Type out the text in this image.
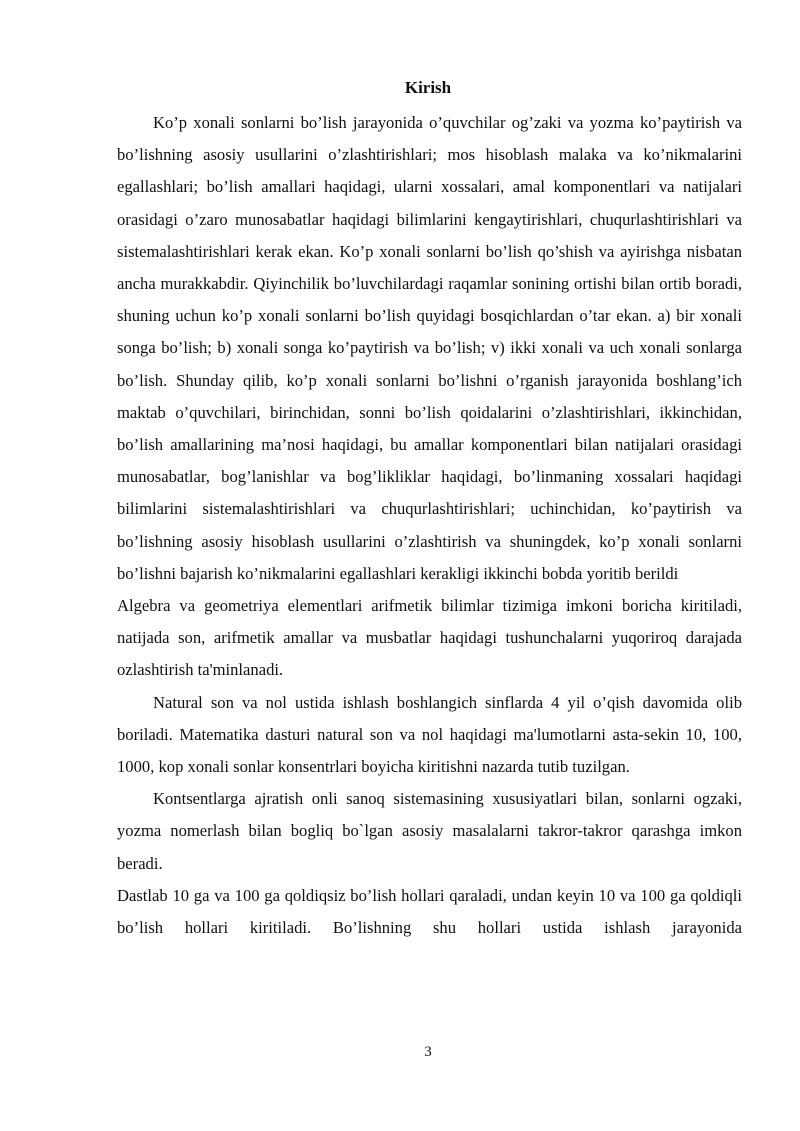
Kirish

Ko’p xonali sonlarni bo’lish jarayonida o’quvchilar og’zaki va yozma ko’paytirish va bo’lishning asosiy usullarini o’zlashtirishlari; mos hisoblash malaka va ko’nikmalarini egallashlari; bo’lish amallari haqidagi, ularni xossalari, amal komponentlari va natijalari orasidagi o’zaro munosabatlar haqidagi bilimlarini kengaytirishlari, chuqurlashtirishlari va sistemalashtirishlari kerak ekan. Ko’p xonali sonlarni bo’lish qo’shish va ayirishga nisbatan ancha murakkabdir. Qiyinchilik bo’luvchilardagi raqamlar sonining ortishi bilan ortib boradi, shuning uchun ko’p xonali sonlarni bo’lish quyidagi bosqichlardan o’tar ekan. a) bir xonali songa bo’lish; b) xonali songa ko’paytirish va bo’lish; v) ikki xonali va uch xonali sonlarga bo’lish. Shunday qilib, ko’p xonali sonlarni bo’lishni o’rganish jarayonida boshlang’ich maktab o’quvchilari, birinchidan, sonni bo’lish qoidalarini o’zlashtirishlari, ikkinchidan, bo’lish amallarining ma’nosi haqidagi, bu amallar komponentlari bilan natijalari orasidagi munosabatlar, bog’lanishlar va bog’likliklar haqidagi, bo’linmaning xossalari haqidagi bilimlarini sistemalashtirishlari va chuqurlashtirishlari; uchinchidan, ko’paytirish va bo’lishning asosiy hisoblash usullarini o’zlashtirish va shuningdek, ko’p xonali sonlarni bo’lishni bajarish ko’nikmalarini egallashlari kerakligi ikkinchi bobda yoritib berildi

Algebra va geometriya elementlari arifmetik bilimlar tizimiga imkoni boricha kiritiladi, natijada son, arifmetik amallar va musbatlar haqidagi tushunchalarni yuqoriroq darajada ozlashtirish ta'minlanadi.

Natural son va nol ustida ishlash boshlangich sinflarda 4 yil o’qish davomida olib boriladi. Matematika dasturi natural son va nol haqidagi ma'lumotlarni asta-sekin 10, 100, 1000, kop xonali sonlar konsentrlari boyicha kiritishni nazarda tutib tuzilgan.

Kontsentlarga ajratish onli sanoq sistemasining xususiyatlari bilan, sonlarni ogzaki, yozma nomerlash bilan bogliq bo`lgan asosiy masalalarni takror-takror qarashga imkon beradi.

Dastlab 10 ga va 100 ga qoldiqsiz bo’lish hollari qaraladi, undan keyin 10 va 100 ga qoldiqli bo’lish hollari kiritiladi. Bo’lishning shu hollari ustida ishlash jarayonida

3
